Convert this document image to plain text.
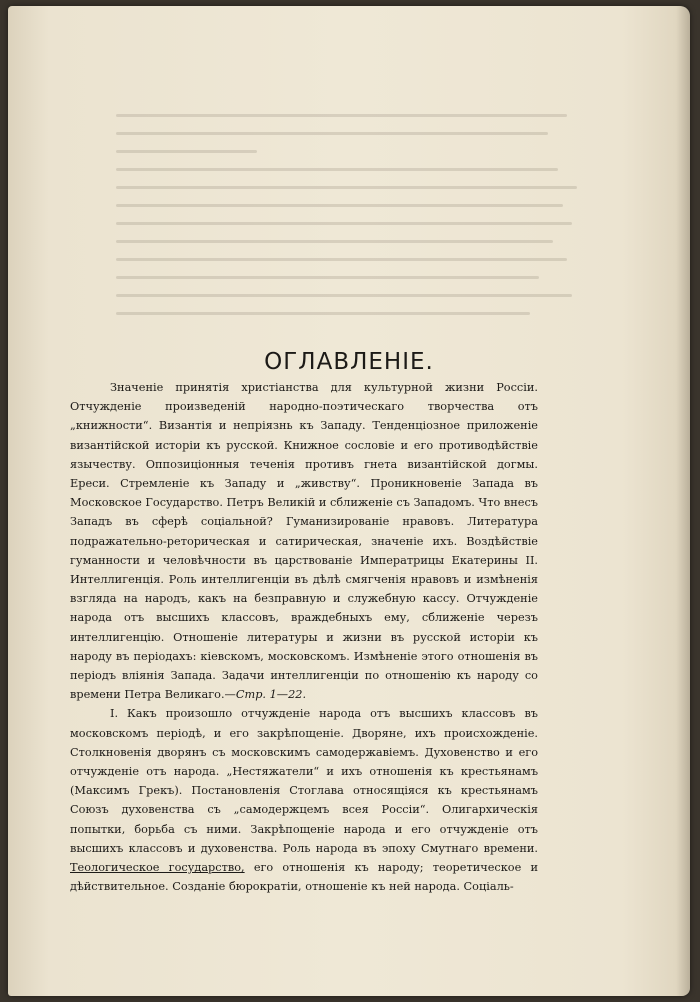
ОГЛАВЛЕНІЕ.

Значеніе принятія христіанства для культурной жизни Россіи. Отчужденіе произведеній народно-поэтическаго творчества отъ „книжности“. Византія и непріязнь къ Западу. Тенденціозное приложеніе византійской исторіи къ русской. Книжное сословіе и его противодѣйствіе язычеству. Оппозиціонныя теченія противъ гнета византійской догмы. Ереси. Стремленіе къ Западу и „живству“. Проникновеніе Запада въ Московское Государство. Петръ Великій и сближеніе съ Западомъ. Что внесъ Западъ въ сферѣ соціальной? Гуманизированіе нравовъ. Литература подражательно-реторическая и сатирическая, значеніе ихъ. Воздѣйствіе гуманности и человѣчности въ царствованіе Императрицы Екатерины II. Интеллигенція. Роль интеллигенціи въ дѣлѣ смягченія нравовъ и измѣненія взгляда на народъ, какъ на безправную и служебную кассу. Отчужденіе народа отъ высшихъ классовъ, враждебныхъ ему, сближеніе черезъ интеллигенцію. Отношеніе литературы и жизни въ русской исторіи къ народу въ періодахъ: кіевскомъ, московскомъ. Измѣненіе этого отношенія въ періодъ вліянія Запада. Задачи интеллигенціи по отношенію къ народу со времени Петра Великаго.—Стр. 1—22.

I. Какъ произошло отчужденіе народа отъ высшихъ классовъ въ московскомъ періодѣ, и его закрѣпощеніе. Дворяне, ихъ происхожденіе. Столкновенія дворянъ съ московскимъ самодержавіемъ. Духовенство и его отчужденіе отъ народа. „Нестяжатели“ и ихъ отношенія къ крестьянамъ (Максимъ Грекъ). Постановленія Стоглава относящіяся къ крестьянамъ Союзъ духовенства съ „самодержцемъ всея Россіи“. Олигархическія попытки, борьба съ ними. Закрѣпощеніе народа и его отчужденіе отъ высшихъ классовъ и духовенства. Роль народа въ эпоху Смутнаго времени. Теологическое государство, его отношенія къ народу; теоретическое и дѣйствительное. Созданіе бюрократіи, отношеніе къ ней народа. Соціаль-
